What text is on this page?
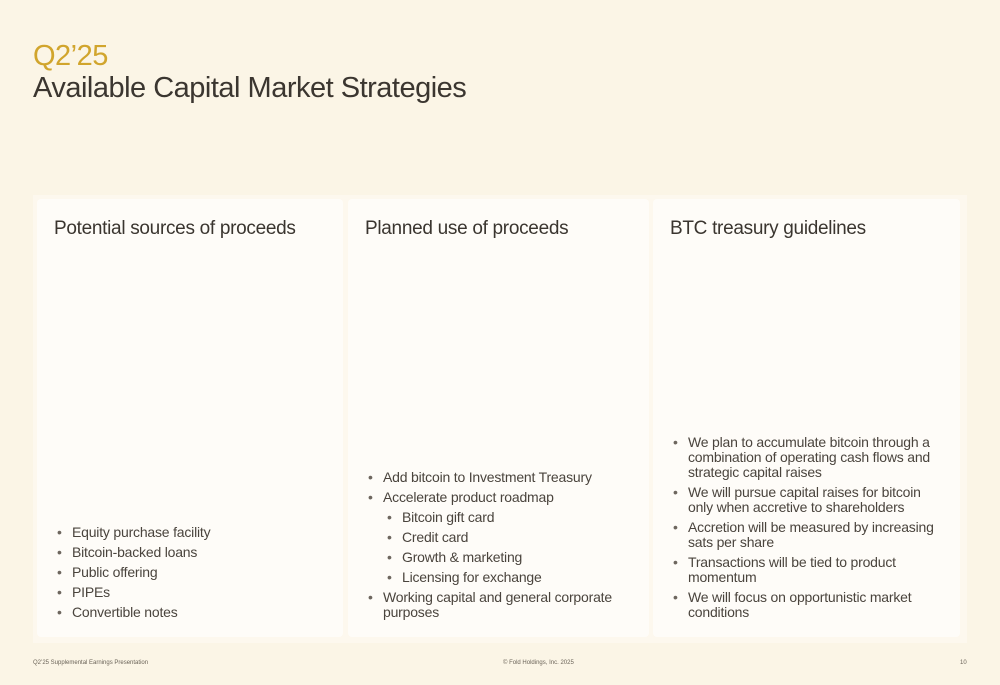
Q2’25
Available Capital Market Strategies
Potential sources of proceeds
• Equity purchase facility
• Bitcoin-backed loans
• Public offering
• PIPEs
• Convertible notes
Planned use of proceeds
• Add bitcoin to Investment Treasury
• Accelerate product roadmap
• Bitcoin gift card
• Credit card
• Growth & marketing
• Licensing for exchange
• Working capital and general corporate purposes
BTC treasury guidelines
• We plan to accumulate bitcoin through a combination of operating cash flows and strategic capital raises
• We will pursue capital raises for bitcoin only when accretive to shareholders
• Accretion will be measured by increasing sats per share
• Transactions will be tied to product momentum
• We will focus on opportunistic market conditions
Q2’25 Supplemental Earnings Presentation	© Fold Holdings, Inc. 2025	10
